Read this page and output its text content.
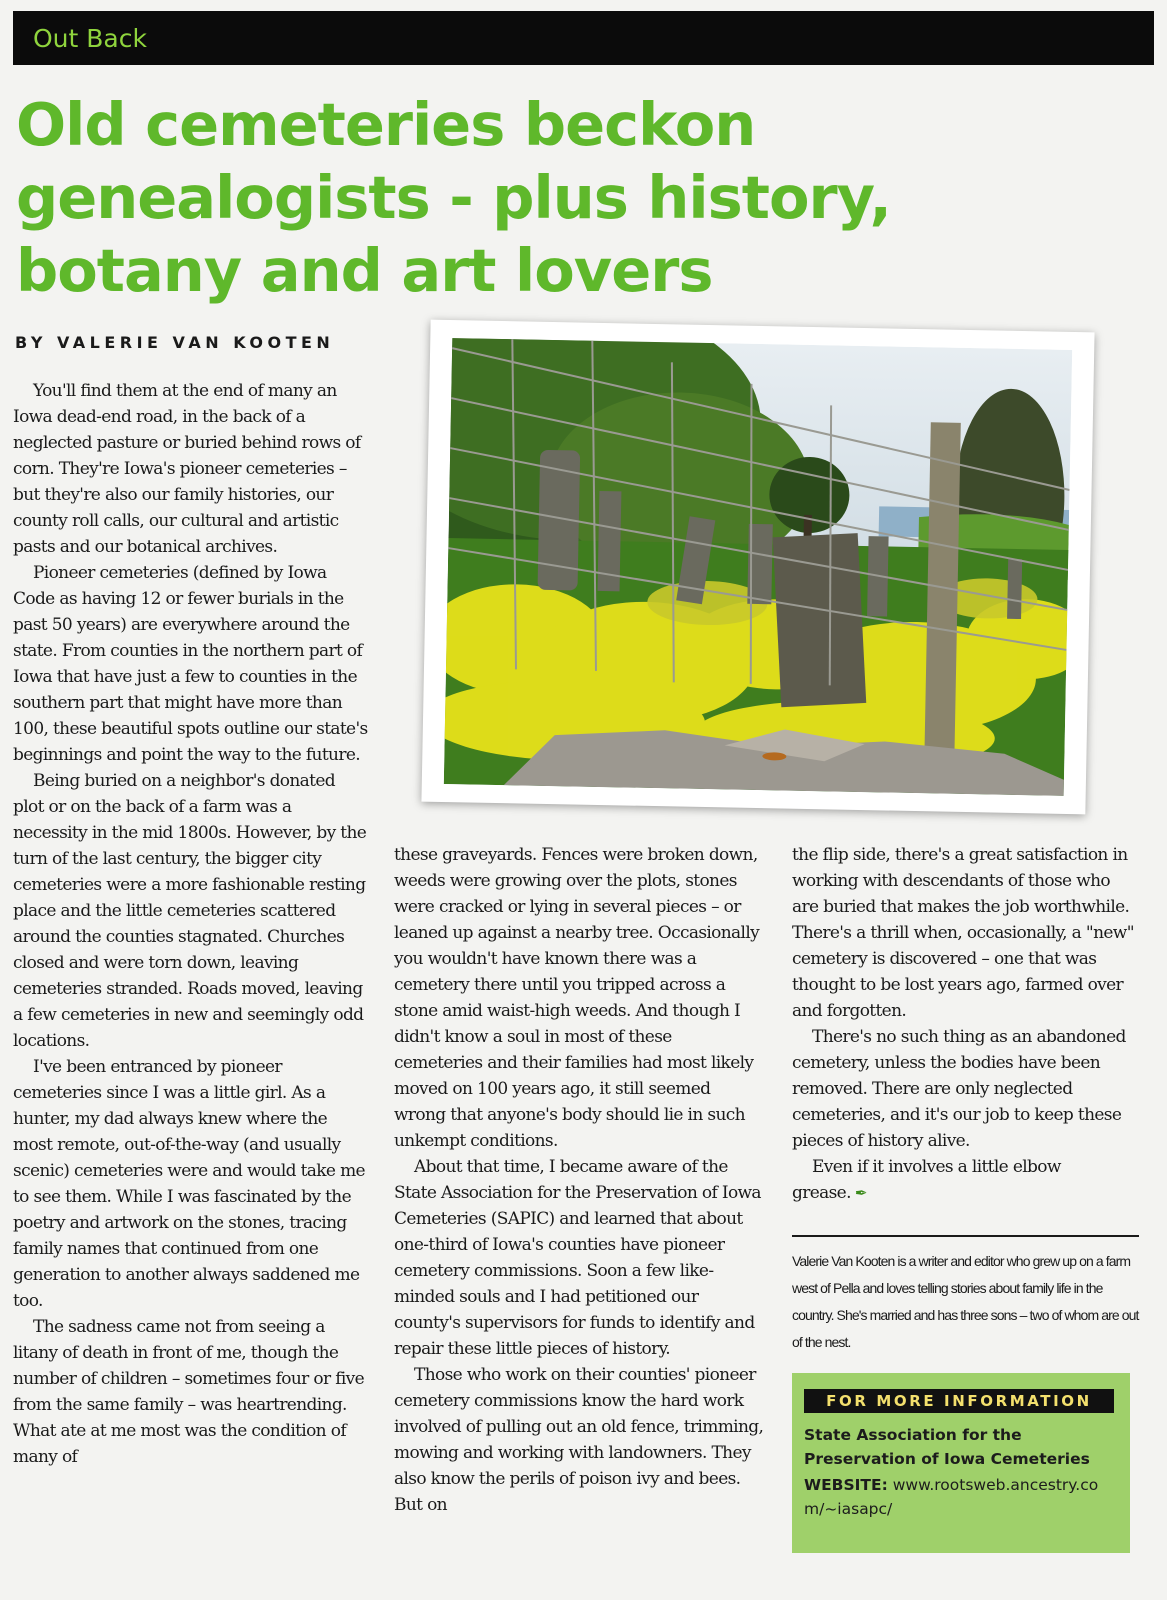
Out Back
Old cemeteries beckon
genealogists - plus history,
botany and art lovers

BY VALERIE VAN KOOTEN

You'll find them at the end of many an Iowa dead-end road, in the back of a neglected pasture or buried behind rows of corn. They're Iowa's pioneer cemeteries – but they're also our family histories, our county roll calls, our cultural and artistic pasts and our botanical archives.

Pioneer cemeteries (defined by Iowa Code as having 12 or fewer burials in the past 50 years) are everywhere around the state. From counties in the northern part of Iowa that have just a few to counties in the southern part that might have more than 100, these beautiful spots outline our state's beginnings and point the way to the future.

Being buried on a neighbor's donated plot or on the back of a farm was a necessity in the mid 1800s. However, by the turn of the last century, the bigger city cemeteries were a more fashionable resting place and the little cemeteries scattered around the counties stagnated. Churches closed and were torn down, leaving cemeteries stranded. Roads moved, leaving a few cemeteries in new and seemingly odd locations.

I've been entranced by pioneer cemeteries since I was a little girl. As a hunter, my dad always knew where the most remote, out-of-the-way (and usually scenic) cemeteries were and would take me to see them. While I was fascinated by the poetry and artwork on the stones, tracing family names that continued from one generation to another always saddened me too.

The sadness came not from seeing a litany of death in front of me, though the number of children – sometimes four or five from the same family – was heartrending. What ate at me most was the condition of many of

these graveyards. Fences were broken down, weeds were growing over the plots, stones were cracked or lying in several pieces – or leaned up against a nearby tree. Occasionally you wouldn't have known there was a cemetery there until you tripped across a stone amid waist-high weeds. And though I didn't know a soul in most of these cemeteries and their families had most likely moved on 100 years ago, it still seemed wrong that anyone's body should lie in such unkempt conditions.

About that time, I became aware of the State Association for the Preservation of Iowa Cemeteries (SAPIC) and learned that about one-third of Iowa's counties have pioneer cemetery commissions. Soon a few like-minded souls and I had petitioned our county's supervisors for funds to identify and repair these little pieces of history.

Those who work on their counties' pioneer cemetery commissions know the hard work involved of pulling out an old fence, trimming, mowing and working with landowners. They also know the perils of poison ivy and bees. But on

the flip side, there's a great satisfaction in working with descendants of those who are buried that makes the job worthwhile. There's a thrill when, occasionally, a "new" cemetery is discovered – one that was thought to be lost years ago, farmed over and forgotten.

There's no such thing as an abandoned cemetery, unless the bodies have been removed. There are only neglected cemeteries, and it's our job to keep these pieces of history alive.

Even if it involves a little elbow grease. ✒

Valerie Van Kooten is a writer and editor who grew up on a farm west of Pella and loves telling stories about family life in the country. She's married and has three sons – two of whom are out of the nest.

FOR MORE INFORMATION

State Association for the Preservation of Iowa Cemeteries

WEBSITE: www.rootsweb.ancestry.com/~iasapc/
